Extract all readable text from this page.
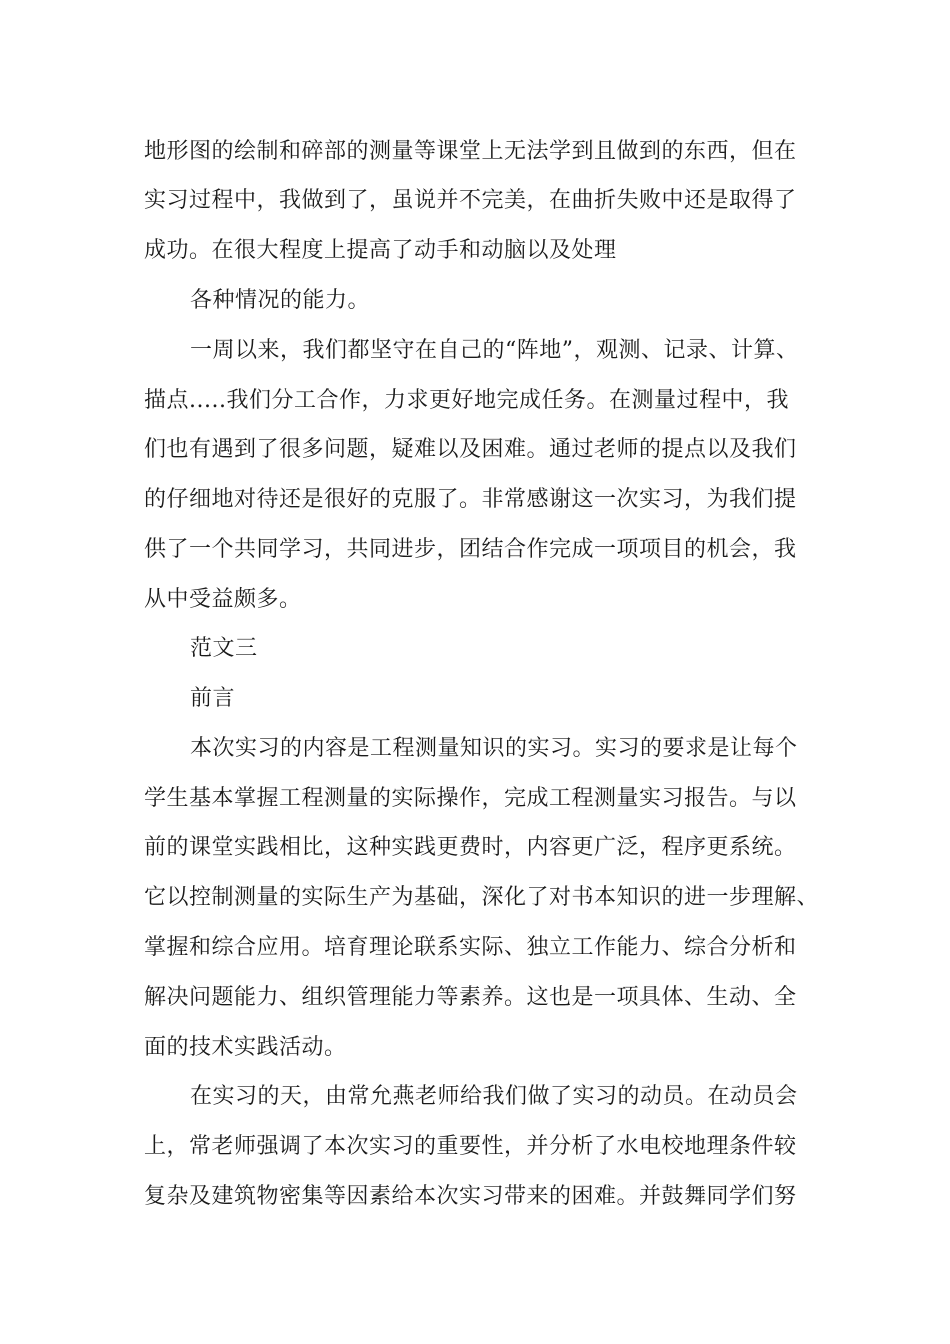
地形图的绘制和碎部的测量等课堂上无法学到且做到的东西，但在
实习过程中，我做到了，虽说并不完美，在曲折失败中还是取得了
成功。在很大程度上提高了动手和动脑以及处理
各种情况的能力。
一周以来，我们都坚守在自己的“阵地”，观测、记录、计算、
描点.....我们分工合作，力求更好地完成任务。在测量过程中，我
们也有遇到了很多问题，疑难以及困难。通过老师的提点以及我们
的仔细地对待还是很好的克服了。非常感谢这一次实习，为我们提
供了一个共同学习，共同进步，团结合作完成一项项目的机会，我
从中受益颇多。
范文三
前言
本次实习的内容是工程测量知识的实习。实习的要求是让每个
学生基本掌握工程测量的实际操作，完成工程测量实习报告。与以
前的课堂实践相比，这种实践更费时，内容更广泛，程序更系统。
它以控制测量的实际生产为基础，深化了对书本知识的进一步理解、
掌握和综合应用。培育理论联系实际、独立工作能力、综合分析和
解决问题能力、组织管理能力等素养。这也是一项具体、生动、全
面的技术实践活动。
在实习的天，由常允燕老师给我们做了实习的动员。在动员会
上，常老师强调了本次实习的重要性，并分析了水电校地理条件较
复杂及建筑物密集等因素给本次实习带来的困难。并鼓舞同学们努
